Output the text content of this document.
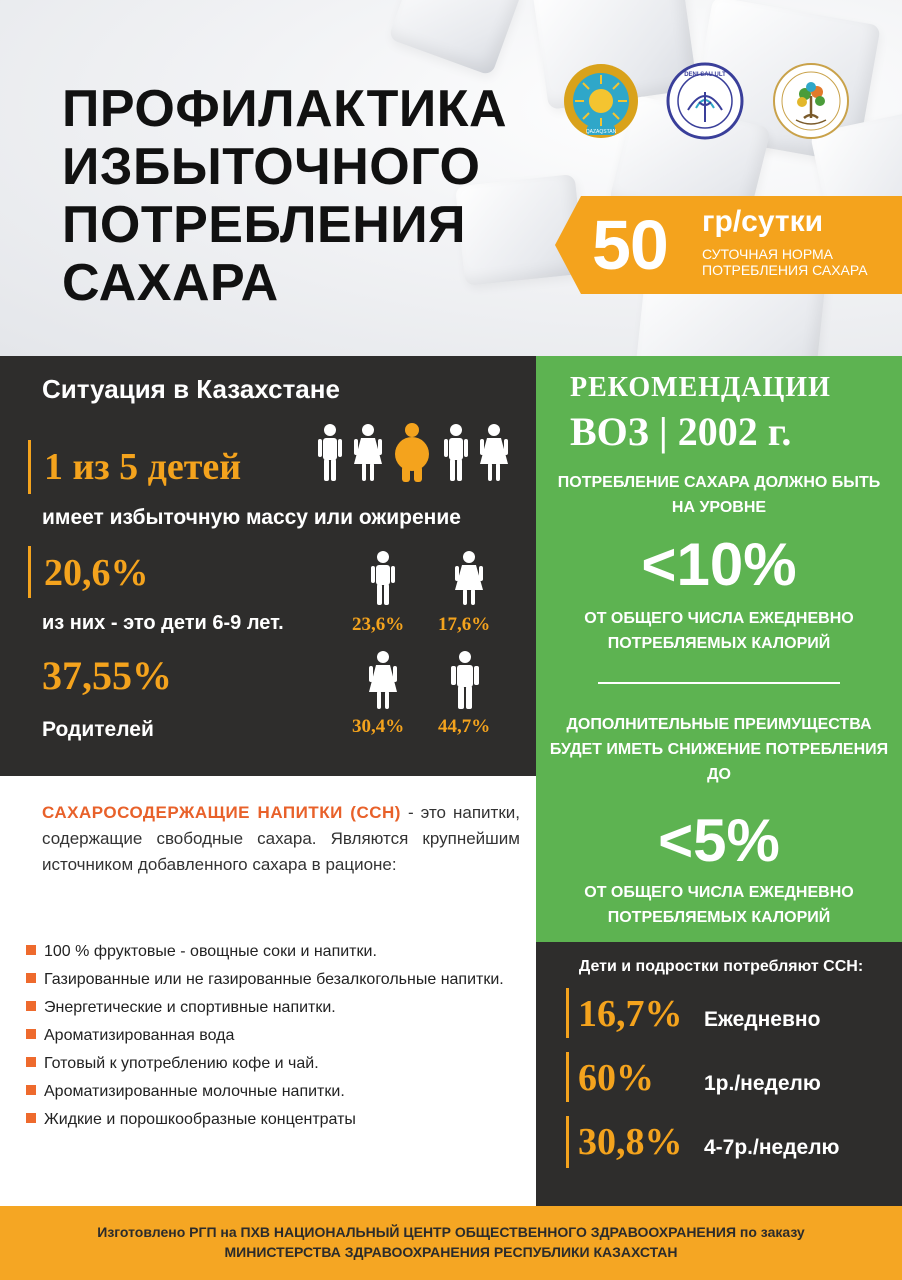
ПРОФИЛАКТИКА
ИЗБЫТОЧНОГО
ПОТРЕБЛЕНИЯ
САХАРА
QAZAQSTAN
DENI SAU ULT
50 гр/сутки
СУТОЧНАЯ НОРМА ПОТРЕБЛЕНИЯ САХАРА
Ситуация в Казахстане
1 из 5 детей
имеет избыточную массу или ожирение
20,6%
из них - это дети 6-9 лет.	23,6% 17,6%
37,55%
Родителей	30,4% 44,7%
РЕКОМЕНДАЦИИ
ВОЗ | 2002 г.
ПОТРЕБЛЕНИЕ САХАРА ДОЛЖНО БЫТЬ НА УРОВНЕ
<10%
ОТ ОБЩЕГО ЧИСЛА ЕЖЕДНЕВНО ПОТРЕБЛЯЕМЫХ КАЛОРИЙ
ДОПОЛНИТЕЛЬНЫЕ ПРЕИМУЩЕСТВА БУДЕТ ИМЕТЬ СНИЖЕНИЕ ПОТРЕБЛЕНИЯ ДО
<5%
ОТ ОБЩЕГО ЧИСЛА ЕЖЕДНЕВНО ПОТРЕБЛЯЕМЫХ КАЛОРИЙ
Дети и подростки потребляют ССН:
16,7% Ежедневно
60% 1р./неделю
30,8% 4-7р./неделю

САХАРОСОДЕРЖАЩИЕ НАПИТКИ (ССН) - это напитки, содержащие свободные сахара. Являются крупнейшим источником добавленного сахара в рационе:

100 % фруктовые - овощные соки и напитки.
Газированные или не газированные безалкогольные напитки.
Энергетические и спортивные напитки.
Ароматизированная вода
Готовый к употреблению кофе и чай.
Ароматизированные молочные напитки.
Жидкие и порошкообразные концентраты
Изготовлено РГП на ПХВ НАЦИОНАЛЬНЫЙ ЦЕНТР ОБЩЕСТВЕННОГО ЗДРАВООХРАНЕНИЯ по заказу
МИНИСТЕРСТВА ЗДРАВООХРАНЕНИЯ РЕСПУБЛИКИ КАЗАХСТАН
